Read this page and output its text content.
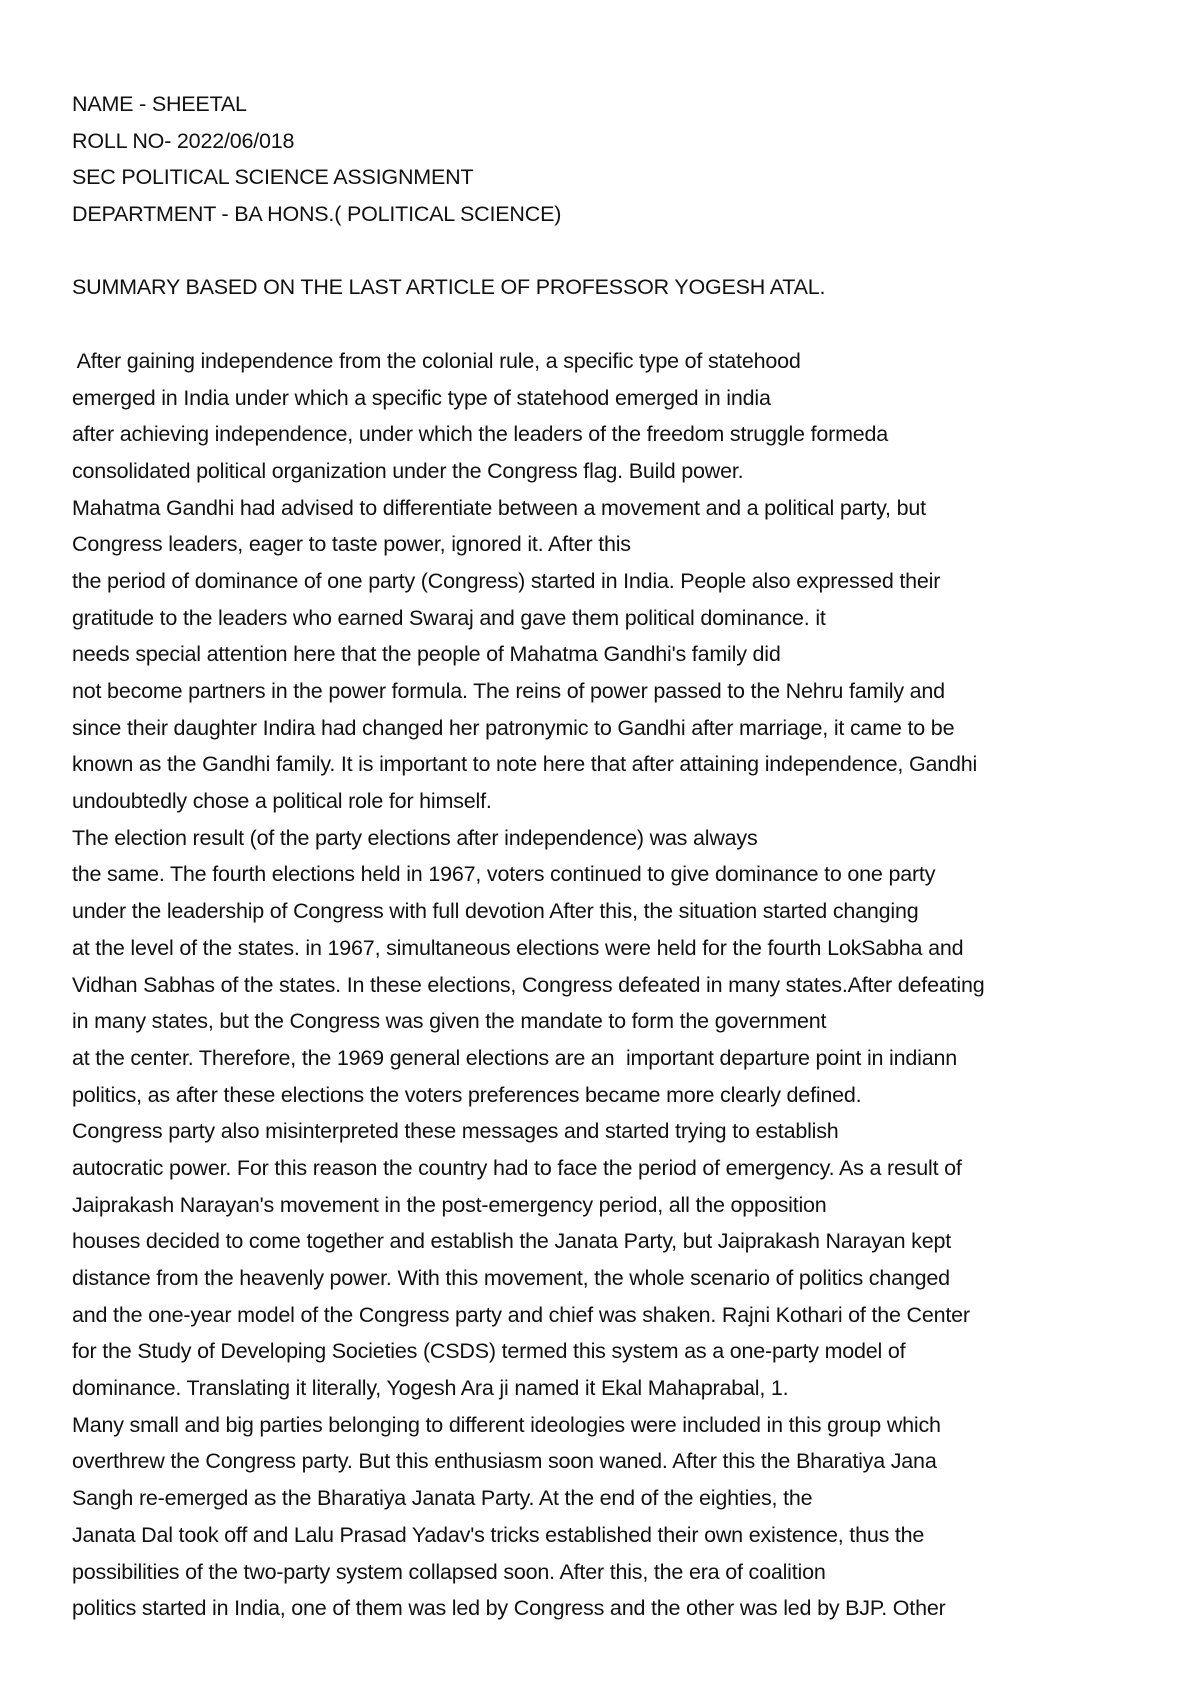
NAME - SHEETAL
ROLL NO- 2022/06/018
SEC POLITICAL SCIENCE ASSIGNMENT
DEPARTMENT - BA HONS.( POLITICAL SCIENCE)
SUMMARY BASED ON THE LAST ARTICLE OF PROFESSOR YOGESH ATAL.
After gaining independence from the colonial rule, a specific type of statehood
emerged in India under which a specific type of statehood emerged in india
after achieving independence, under which the leaders of the freedom struggle formeda
consolidated political organization under the Congress flag. Build power.
Mahatma Gandhi had advised to differentiate between a movement and a political party, but
Congress leaders, eager to taste power, ignored it. After this
the period of dominance of one party (Congress) started in India. People also expressed their
gratitude to the leaders who earned Swaraj and gave them political dominance. it
needs special attention here that the people of Mahatma Gandhi's family did
not become partners in the power formula. The reins of power passed to the Nehru family and
since their daughter Indira had changed her patronymic to Gandhi after marriage, it came to be
known as the Gandhi family. It is important to note here that after attaining independence, Gandhi
undoubtedly chose a political role for himself.
The election result (of the party elections after independence) was always
the same. The fourth elections held in 1967, voters continued to give dominance to one party
under the leadership of Congress with full devotion After this, the situation started changing
at the level of the states. in 1967, simultaneous elections were held for the fourth LokSabha and
Vidhan Sabhas of the states. In these elections, Congress defeated in many states.After defeating
in many states, but the Congress was given the mandate to form the government
at the center. Therefore, the 1969 general elections are an  important departure point in indiann
politics, as after these elections the voters preferences became more clearly defined.
Congress party also misinterpreted these messages and started trying to establish
autocratic power. For this reason the country had to face the period of emergency. As a result of
Jaiprakash Narayan's movement in the post-emergency period, all the opposition
houses decided to come together and establish the Janata Party, but Jaiprakash Narayan kept
distance from the heavenly power. With this movement, the whole scenario of politics changed
and the one-year model of the Congress party and chief was shaken. Rajni Kothari of the Center
for the Study of Developing Societies (CSDS) termed this system as a one-party model of
dominance. Translating it literally, Yogesh Ara ji named it Ekal Mahaprabal, 1.
Many small and big parties belonging to different ideologies were included in this group which
overthrew the Congress party. But this enthusiasm soon waned. After this the Bharatiya Jana
Sangh re-emerged as the Bharatiya Janata Party. At the end of the eighties, the
Janata Dal took off and Lalu Prasad Yadav's tricks established their own existence, thus the
possibilities of the two-party system collapsed soon. After this, the era of coalition
politics started in India, one of them was led by Congress and the other was led by BJP. Other
